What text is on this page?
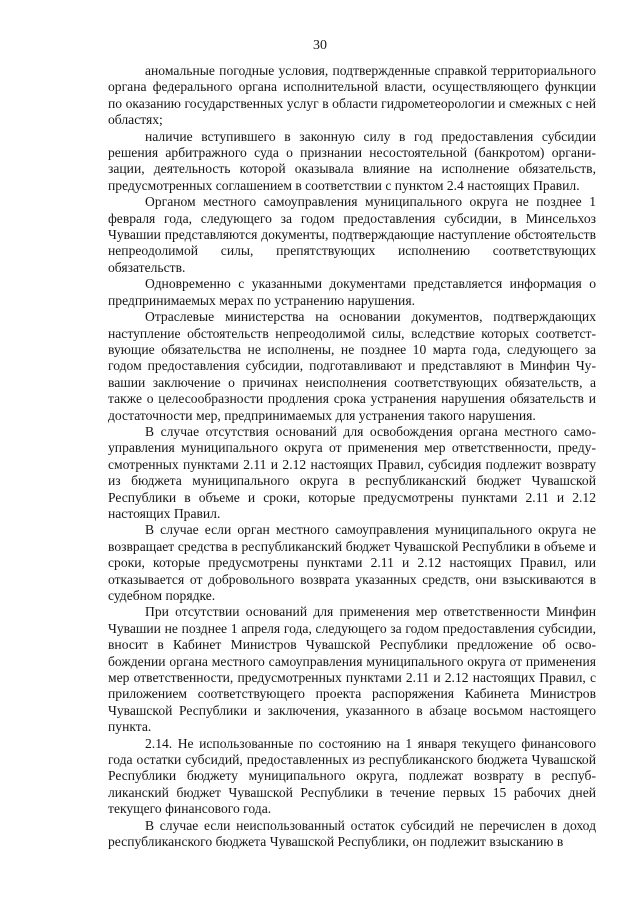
30

аномальные погодные условия, подтвержденные справкой территориального органа федерального органа исполнительной власти, осуществляющего функции по оказанию государственных услуг в области гидрометеорологии и смежных с ней областях;

наличие вступившего в законную силу в год предоставления субсидии решения арбитражного суда о признании несостоятельной (банкротом) организации, деятельность которой оказывала влияние на исполнение обязательств, предусмотренных соглашением в соответствии с пунктом 2.4 настоящих Правил.

Органом местного самоуправления муниципального округа не позднее 1 февраля года, следующего за годом предоставления субсидии, в Минсельхоз Чувашии представляются документы, подтверждающие наступление обстоятельств непреодолимой силы, препятствующих исполнению соответствующих обязательств.

Одновременно с указанными документами представляется информация о предпринимаемых мерах по устранению нарушения.

Отраслевые министерства на основании документов, подтверждающих наступление обстоятельств непреодолимой силы, вследствие которых соответствующие обязательства не исполнены, не позднее 10 марта года, следующего за годом предоставления субсидии, подготавливают и представляют в Минфин Чувашии заключение о причинах неисполнения соответствующих обязательств, а также о целесообразности продления срока устранения нарушения обязательств и достаточности мер, предпринимаемых для устранения такого нарушения.

В случае отсутствия оснований для освобождения органа местного самоуправления муниципального округа от применения мер ответственности, предусмотренных пунктами 2.11 и 2.12 настоящих Правил, субсидия подлежит возврату из бюджета муниципального округа в республиканский бюджет Чувашской Республики в объеме и сроки, которые предусмотрены пунктами 2.11 и 2.12 настоящих Правил.

В случае если орган местного самоуправления муниципального округа не возвращает средства в республиканский бюджет Чувашской Республики в объеме и сроки, которые предусмотрены пунктами 2.11 и 2.12 настоящих Правил, или отказывается от добровольного возврата указанных средств, они взыскиваются в судебном порядке.

При отсутствии оснований для применения мер ответственности Минфин Чувашии не позднее 1 апреля года, следующего за годом предоставления субсидии, вносит в Кабинет Министров Чувашской Республики предложение об освобождении органа местного самоуправления муниципального округа от применения мер ответственности, предусмотренных пунктами 2.11 и 2.12 настоящих Правил, с приложением соответствующего проекта распоряжения Кабинета Министров Чувашской Республики и заключения, указанного в абзаце восьмом настоящего пункта.

2.14. Не использованные по состоянию на 1 января текущего финансового года остатки субсидий, предоставленных из республиканского бюджета Чувашской Республики бюджету муниципального округа, подлежат возврату в республиканский бюджет Чувашской Республики в течение первых 15 рабочих дней текущего финансового года.

В случае если неиспользованный остаток субсидий не перечислен в доход республиканского бюджета Чувашской Республики, он подлежит взысканию в
